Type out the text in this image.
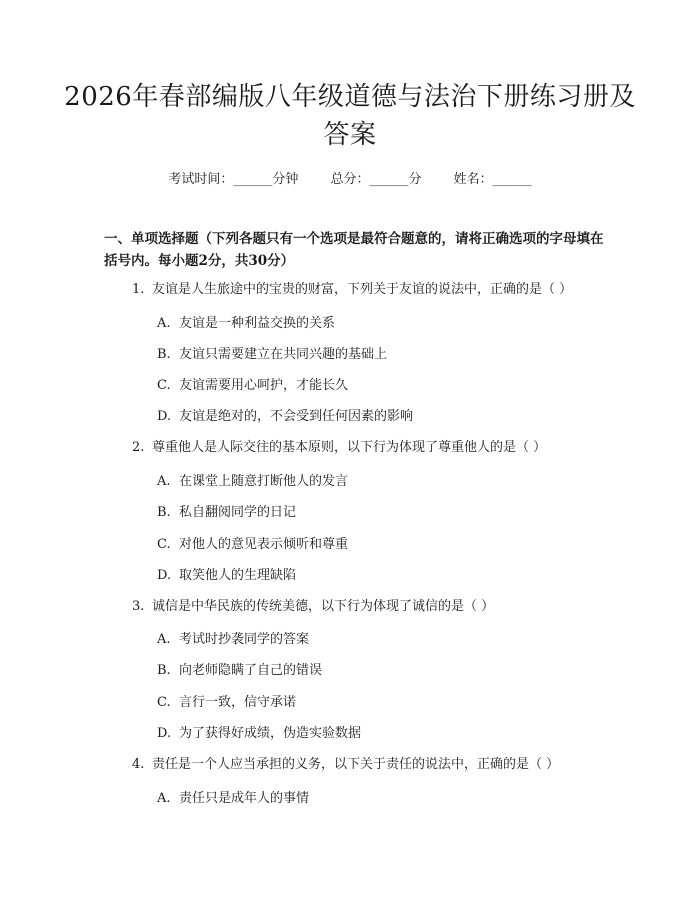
2026年春部编版八年级道德与法治下册练习册及答案
考试时间：______分钟 总分：______分 姓名：______
一、单项选择题（下列各题只有一个选项是最符合题意的，请将正确选项的字母填在括号内。每小题2分，共30分）
1. 友谊是人生旅途中的宝贵的财富，下列关于友谊的说法中，正确的是（ ）
A. 友谊是一种利益交换的关系
B. 友谊只需要建立在共同兴趣的基础上
C. 友谊需要用心呵护，才能长久
D. 友谊是绝对的，不会受到任何因素的影响
2. 尊重他人是人际交往的基本原则，以下行为体现了尊重他人的是（ ）
A. 在课堂上随意打断他人的发言
B. 私自翻阅同学的日记
C. 对他人的意见表示倾听和尊重
D. 取笑他人的生理缺陷
3. 诚信是中华民族的传统美德，以下行为体现了诚信的是（ ）
A. 考试时抄袭同学的答案
B. 向老师隐瞒了自己的错误
C. 言行一致，信守承诺
D. 为了获得好成绩，伪造实验数据
4. 责任是一个人应当承担的义务，以下关于责任的说法中，正确的是（ ）
A. 责任只是成年人的事情
